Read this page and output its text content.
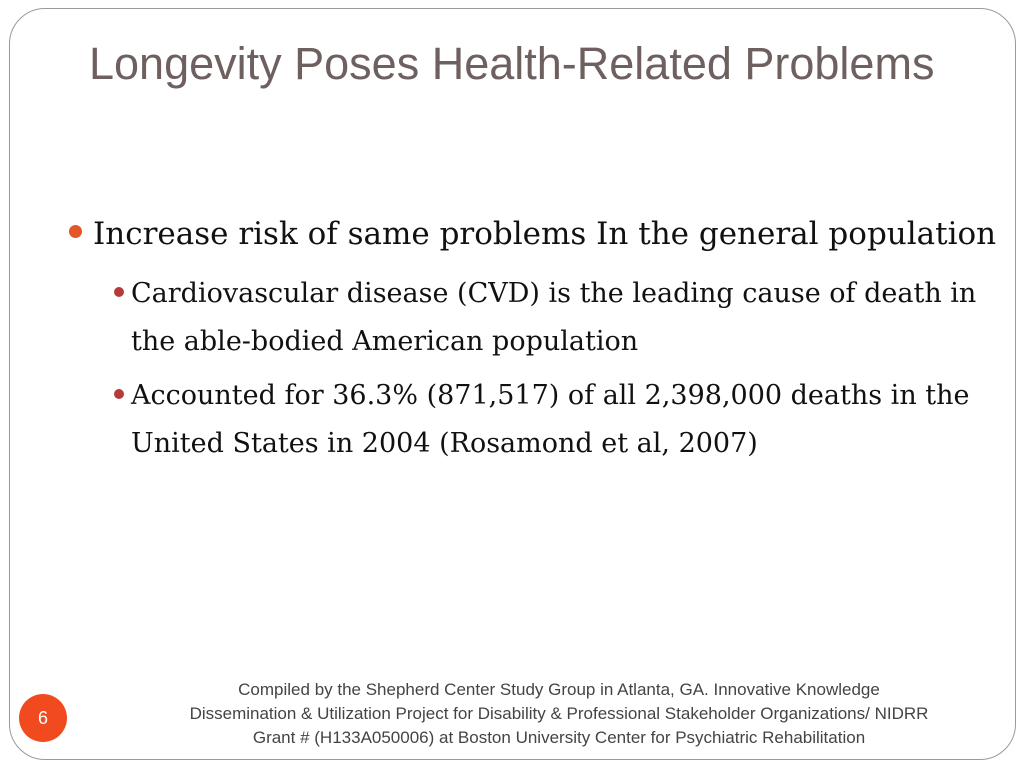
Longevity Poses Health-Related Problems
Increase risk of same problems In the general population
Cardiovascular disease (CVD) is the leading cause of death in the able-bodied American population
Accounted for 36.3% (871,517) of all 2,398,000 deaths in the United States in 2004 (Rosamond et al, 2007)
Compiled by the Shepherd Center Study Group in Atlanta, GA. Innovative Knowledge
Dissemination & Utilization Project for Disability & Professional Stakeholder Organizations/ NIDRR
Grant # (H133A050006) at Boston University Center for Psychiatric Rehabilitation
6
